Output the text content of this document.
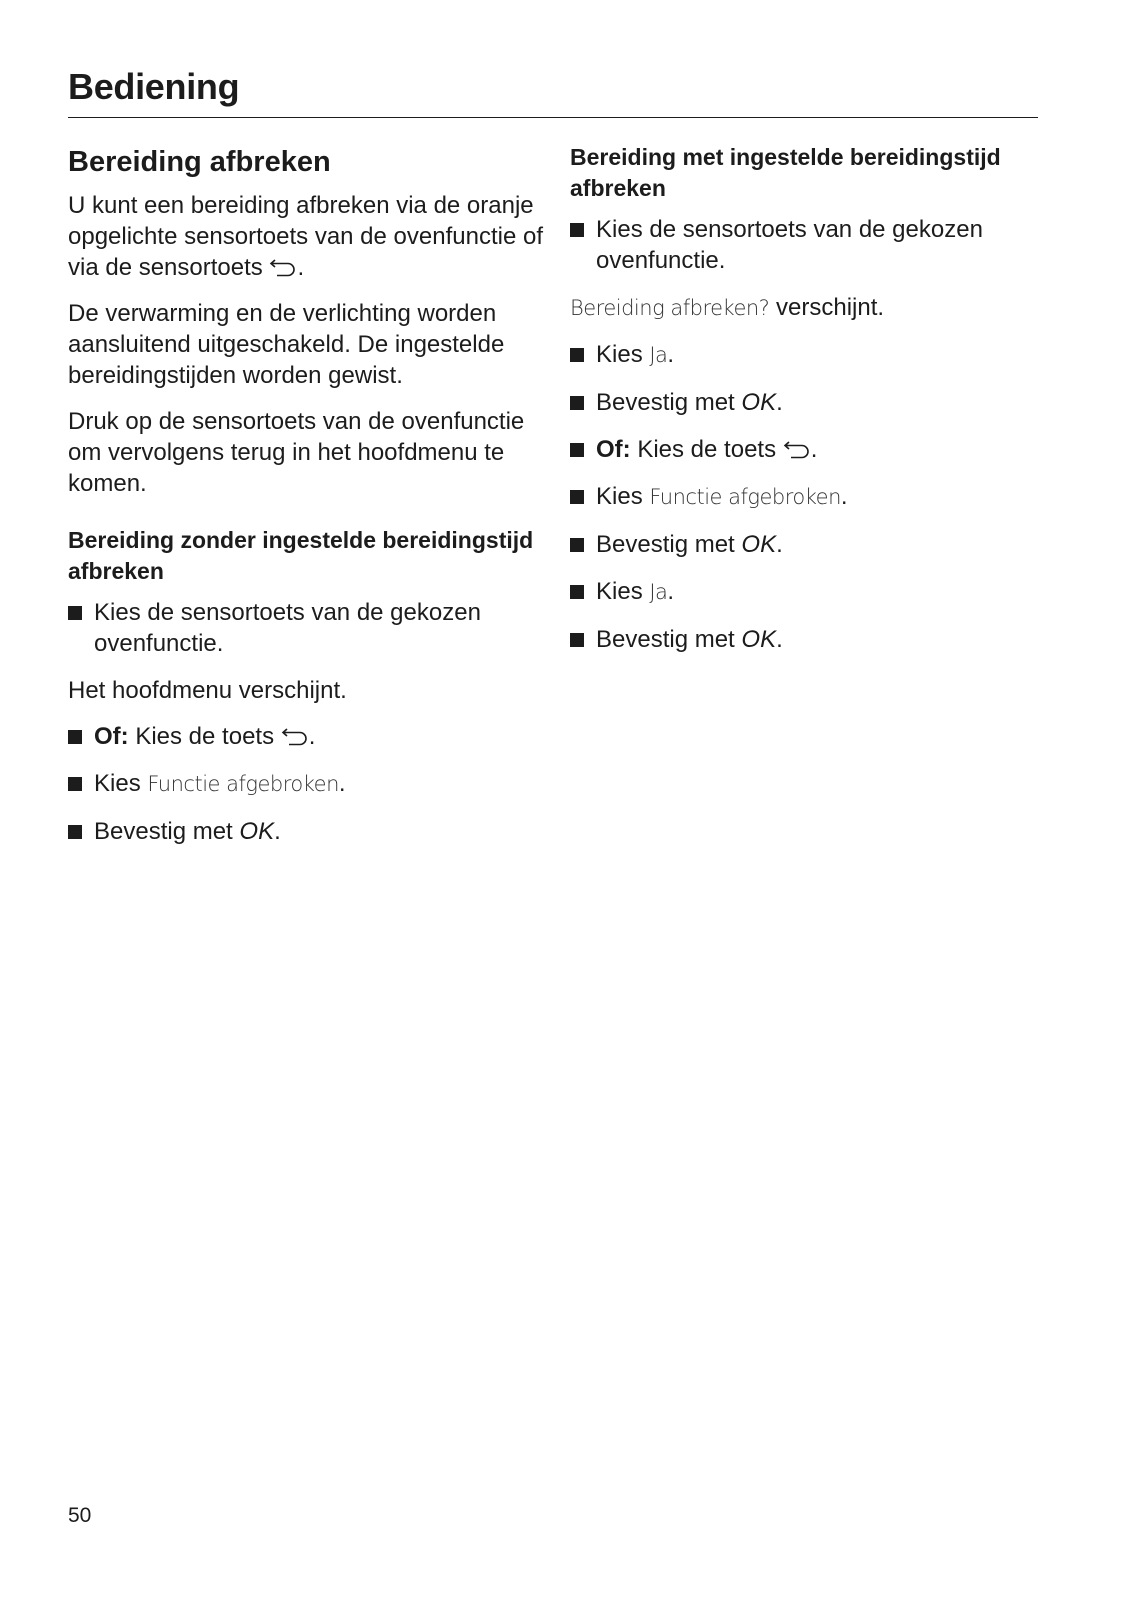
Bediening
Bereiding afbreken

U kunt een bereiding afbreken via de oranje opgelichte sensortoets van de ovenfunctie of via de sensortoets .

De verwarming en de verlichting worden aansluitend uitgeschakeld. De ingestelde bereidingstijden worden gewist.

Druk op de sensortoets van de ovenfunctie om vervolgens terug in het hoofdmenu te komen.

Bereiding zonder ingestelde bereidingstijd afbreken
Kies de sensortoets van de gekozen ovenfunctie.

Het hoofdmenu verschijnt.

Of: Kies de toets .
Kies Functie afgebroken.
Bevestig met OK.
Bereiding met ingestelde bereidingstijd afbreken
Kies de sensortoets van de gekozen ovenfunctie.

Bereiding afbreken? verschijnt.

Kies Ja.
Bevestig met OK.
Of: Kies de toets .
Kies Functie afgebroken.
Bevestig met OK.
Kies Ja.
Bevestig met OK.
50
